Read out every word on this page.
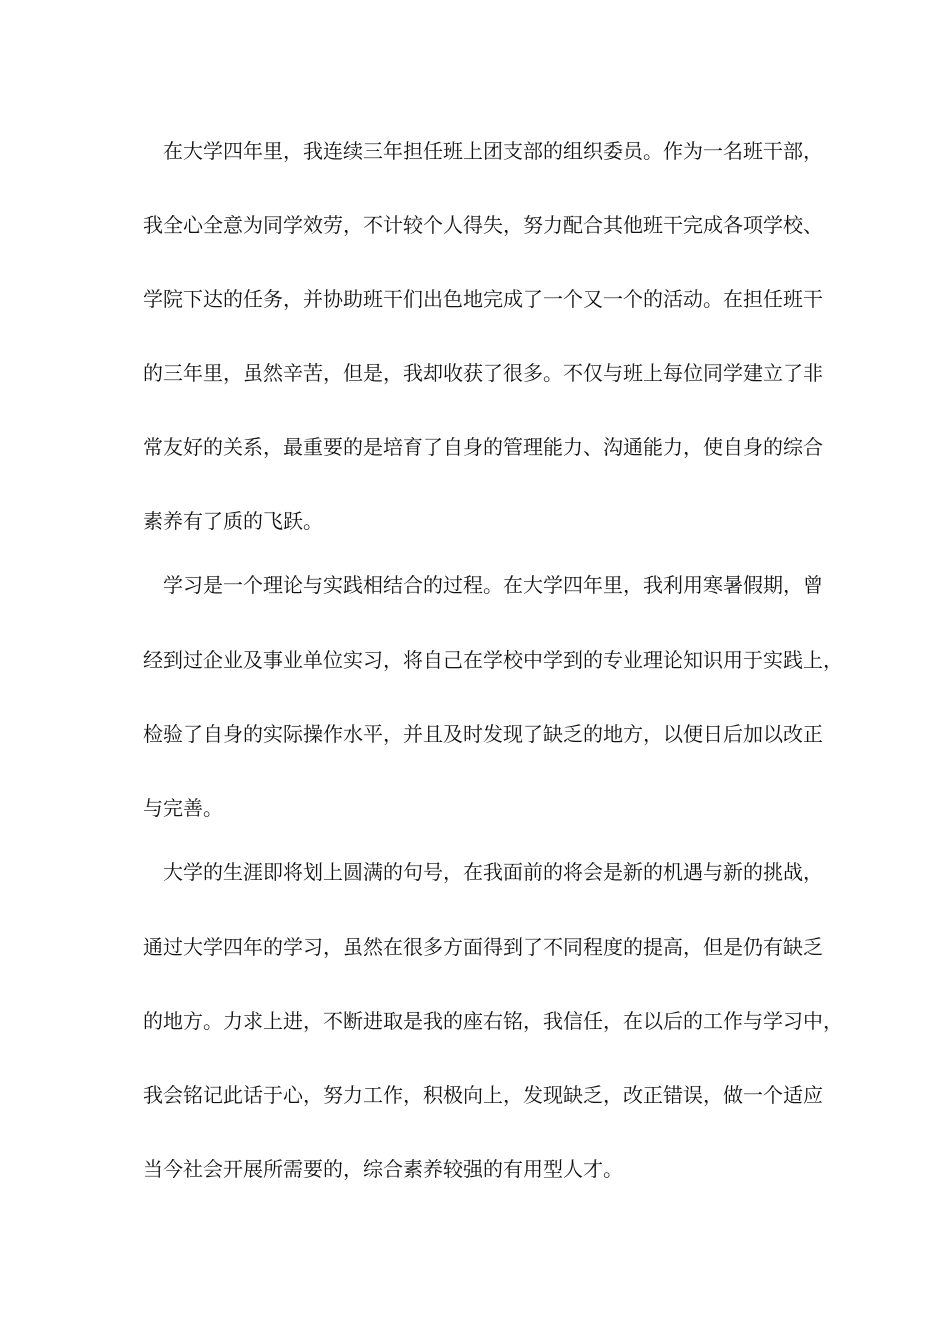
在大学四年里，我连续三年担任班上团支部的组织委员。作为一名班干部，

我全心全意为同学效劳，不计较个人得失，努力配合其他班干完成各项学校、

学院下达的任务，并协助班干们出色地完成了一个又一个的活动。在担任班干

的三年里，虽然辛苦，但是，我却收获了很多。不仅与班上每位同学建立了非

常友好的关系，最重要的是培育了自身的管理能力、沟通能力，使自身的综合

素养有了质的飞跃。

学习是一个理论与实践相结合的过程。在大学四年里，我利用寒暑假期，曾

经到过企业及事业单位实习，将自己在学校中学到的专业理论知识用于实践上，

检验了自身的实际操作水平，并且及时发现了缺乏的地方，以便日后加以改正

与完善。

大学的生涯即将划上圆满的句号，在我面前的将会是新的机遇与新的挑战，

通过大学四年的学习，虽然在很多方面得到了不同程度的提高，但是仍有缺乏

的地方。力求上进，不断进取是我的座右铭，我信任，在以后的工作与学习中，

我会铭记此话于心，努力工作，积极向上，发现缺乏，改正错误，做一个适应

当今社会开展所需要的，综合素养较强的有用型人才。
